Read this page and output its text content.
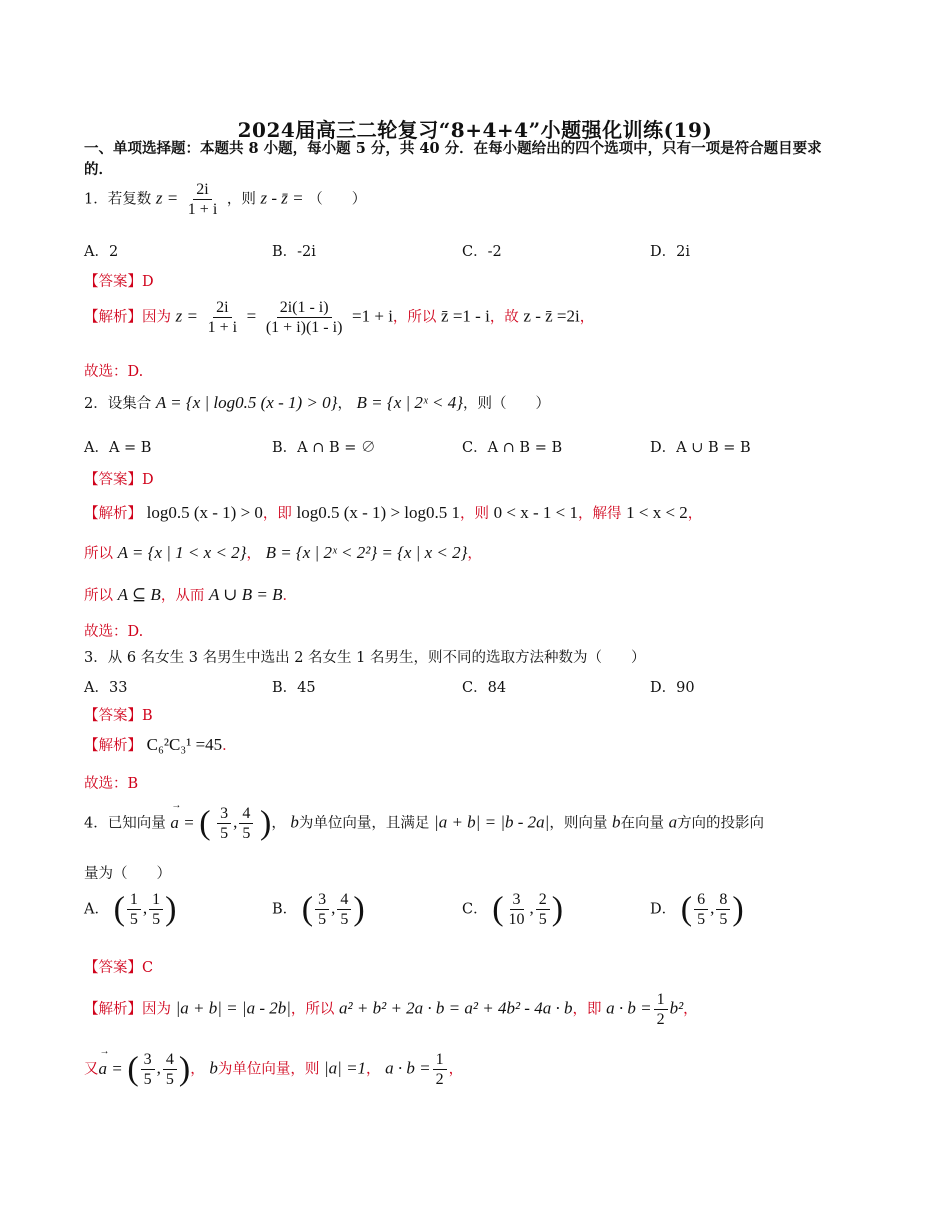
2024届高三二轮复习“8+4+4”小题强化训练(19)
一、单项选择题：本题共 8 小题，每小题 5 分，共 40 分．在每小题给出的四个选项中，只有一项是符合题目要求的．
1．若复数 $z = \frac{2i}{1 + i}$ ，则 z - z̄ = （　　）
A．2	B．-2i	C．-2	D．2i
【答案】D
【解析】因为 $z = \frac{2i}{1 + i} = \frac{2i(1 - i)}{(1 + i)(1 - i)} =1 + i$，所以 z̄ =1 - i，故 z - z̄ =2i，
故选：D.
2．设集合 A = {x | log0.5 (x - 1) > 0}， B = {x | 2ˣ < 4}，则（　　）
A．A = B	B．A ∩ B = ∅	C．A ∩ B = B	D．A ∪ B = B
【答案】D
【解析】 log0.5 (x - 1) > 0，即 log0.5 (x - 1) > log0.5 1，则 0 < x - 1 < 1，解得 1 < x < 2，
所以 A = {x | 1 < x < 2}， B = {x | 2ˣ < 2²} = {x | x < 2}，
所以 A ⊆ B，从而 A ∪ B = B．
故选：D.
3．从 6 名女生 3 名男生中选出 2 名女生 1 名男生，则不同的选取方法种数为（　　）
A．33	B．45	C．84	D．90
【答案】B
【解析】 C₆²C₃¹ =45．
故选：B
4．已知向量 → a = ( $\frac{3}{5}$ , $\frac{4}{5}$ )， b为单位向量，且满足 |a + b| = |b - 2a|，则向量 b在向量 a方向的投影向
量为（　　）
A． ( $\frac{1}{5}$ , $\frac{1}{5}$ )	B． ( $\frac{3}{5}$ , $\frac{4}{5}$ )	C． ( $\frac{3}{10}$ , $\frac{2}{5}$ )	D． ( $\frac{6}{5}$ , $\frac{8}{5}$ )
【答案】C
【解析】因为 |a + b| = |a - 2b|，所以 a² + b² + 2a · b = a² + 4b² - 4a · b，即 $a \cdot b = \frac{1}{2} b^2$，
又→ a = ( $\frac{3}{5}$ , $\frac{4}{5}$ )， b为单位向量，则 |a| =1， $a \cdot b = \frac{1}{2}$ ，
